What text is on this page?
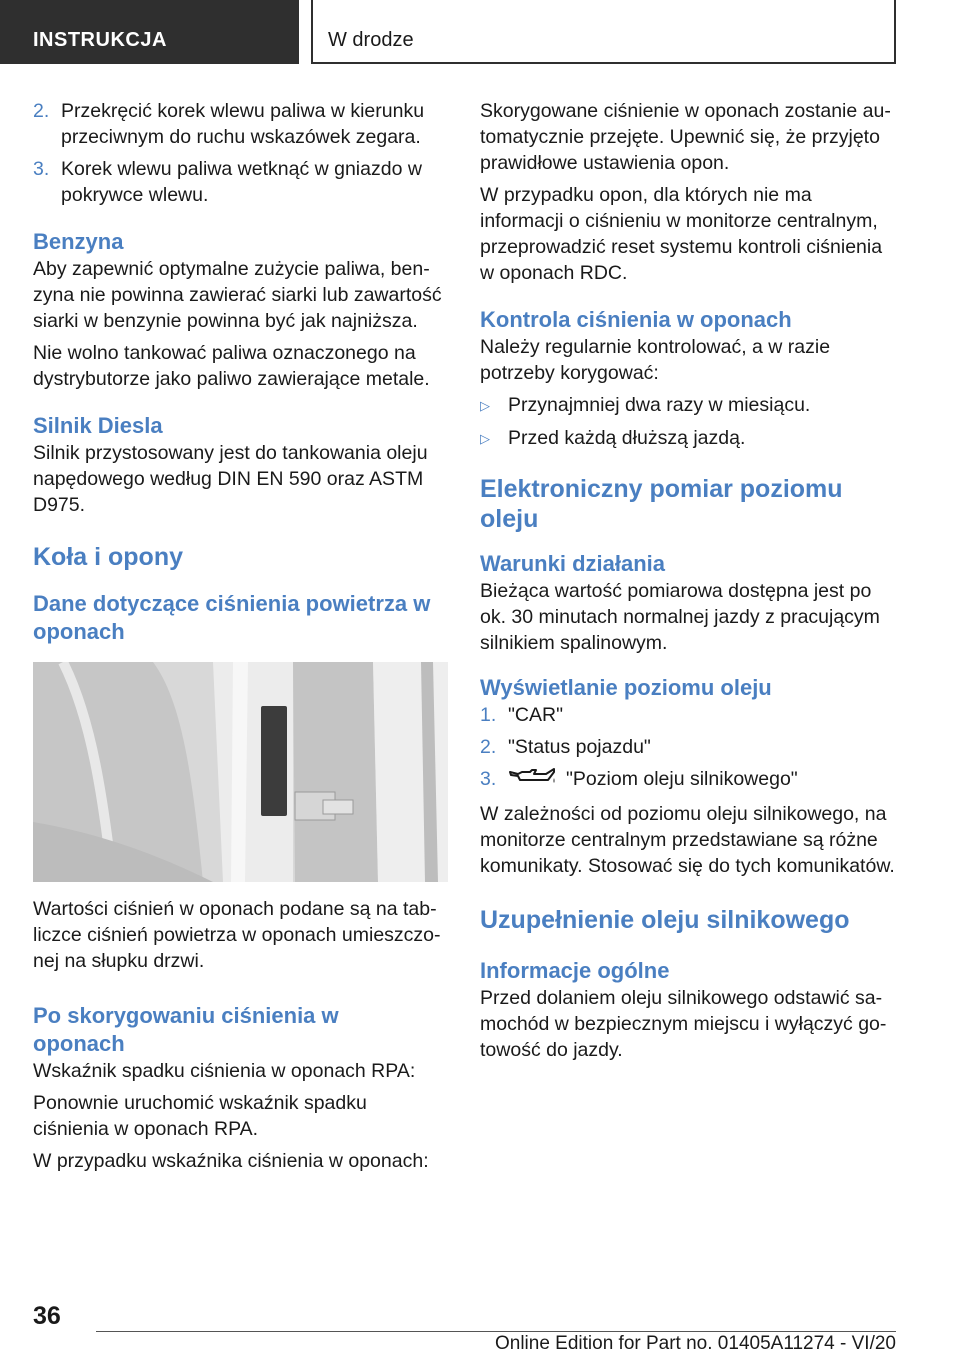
INSTRUKCJA	W drodze
2. Przekręcić korek wlewu paliwa w kierunku przeciwnym do ruchu wskazówek zegara.
3. Korek wlewu paliwa wetknąć w gniazdo w pokrywce wlewu.
Benzyna

Aby zapewnić optymalne zużycie paliwa, benzyna nie powinna zawierać siarki lub zawartość siarki w benzynie powinna być jak najniższa.

Nie wolno tankować paliwa oznaczonego na dystrybutorze jako paliwo zawierające metale.

Silnik Diesla

Silnik przystosowany jest do tankowania oleju napędowego według DIN EN 590 oraz ASTM D975.

Koła i opony
Dane dotyczące ciśnienia powietrza w oponach

Wartości ciśnień w oponach podane są na tabliczce ciśnień powietrza w oponach umieszczonej na słupku drzwi.

Po skorygowaniu ciśnienia w oponach

Wskaźnik spadku ciśnienia w oponach RPA:

Ponownie uruchomić wskaźnik spadku ciśnienia w oponach RPA.

W przypadku wskaźnika ciśnienia w oponach:

Skorygowane ciśnienie w oponach zostanie automatycznie przejęte. Upewnić się, że przyjęto prawidłowe ustawienia opon.

W przypadku opon, dla których nie ma informacji o ciśnieniu w monitorze centralnym, przeprowadzić reset systemu kontroli ciśnienia w oponach RDC.

Kontrola ciśnienia w oponach

Należy regularnie kontrolować, a w razie potrzeby korygować:

▷ Przynajmniej dwa razy w miesiącu.
▷ Przed każdą dłuższą jazdą.
Elektroniczny pomiar poziomu oleju
Warunki działania

Bieżąca wartość pomiarowa dostępna jest po ok. 30 minutach normalnej jazdy z pracującym silnikiem spalinowym.

Wyświetlanie poziomu oleju
1. "CAR"
2. "Status pojazdu"
3.	"Poziom oleju silnikowego"

W zależności od poziomu oleju silnikowego, na monitorze centralnym przedstawiane są różne komunikaty. Stosować się do tych komunikatów.

Uzupełnienie oleju silnikowego
Informacje ogólne

Przed dolaniem oleju silnikowego odstawić samochód w bezpiecznym miejscu i wyłączyć gotowość do jazdy.

36
Online Edition for Part no. 01405A11274 - VI/20
